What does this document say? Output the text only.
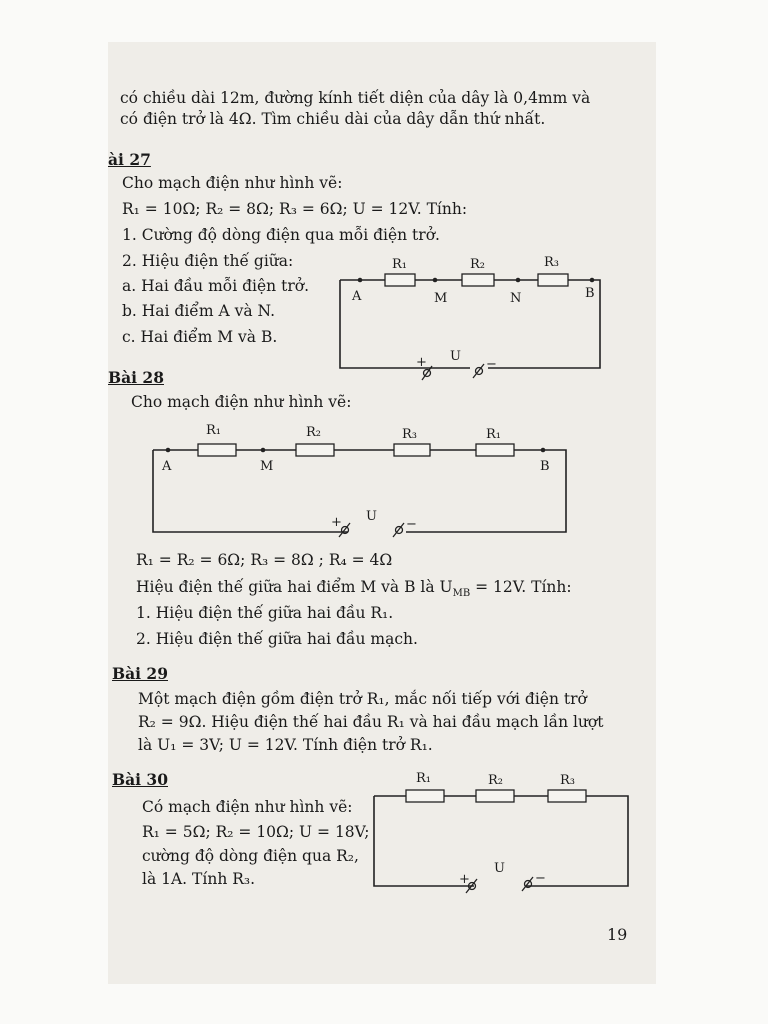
có chiều dài 12m, đường kính tiết diện của dây là 0,4mm và
có điện trở là 4Ω. Tìm chiều dài của dây dẫn thứ nhất.
ài 27
Cho mạch điện như hình vẽ:
R₁ = 10Ω; R₂ = 8Ω; R₃ = 6Ω; U = 12V. Tính:
1. Cường độ dòng điện qua mỗi điện trở.
2. Hiệu điện thế giữa:
a. Hai đầu mỗi điện trở.
b. Hai điểm A và N.
c. Hai điểm M và B.
R₁	R₂	R₃
A	M	N	B
U
+	−
Bài 28
Cho mạch điện như hình vẽ:
R₁	R₂	R₃	R₁
A	M	B
U
+	−
R₁ = R₂ = 6Ω; R₃ = 8Ω ; R₄ = 4Ω
Hiệu điện thế giữa hai điểm M và B là $U_{MB} = 12V$. Tính:
1. Hiệu điện thế giữa hai đầu R₁.
2. Hiệu điện thế giữa hai đầu mạch.
Bài 29
Một mạch điện gồm điện trở R₁, mắc nối tiếp với điện trở
R₂ = 9Ω. Hiệu điện thế hai đầu R₁ và hai đầu mạch lần lượt
là U₁ = 3V; U = 12V. Tính điện trở R₁.
Bài 30
Có mạch điện như hình vẽ:
R₁ = 5Ω; R₂ = 10Ω; U = 18V;
cường độ dòng điện qua R₂,
là 1A. Tính R₃.
R₁	R₂	R₃
U
+	−
19
